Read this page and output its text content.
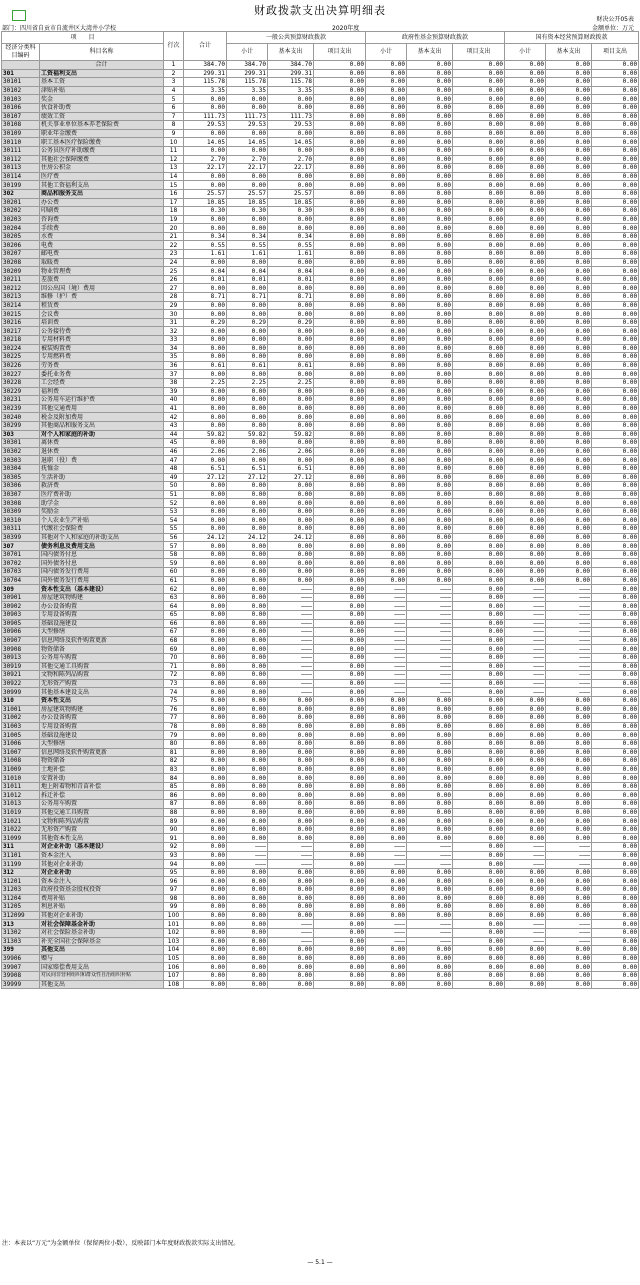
财政拨款支出决算明细表
财决公开05表
部门：四川省自贡市自流井区大湾井小学校	2020年度	金额单位：万元
项　　目		行次	合计	一般公共预算财政拨款			政府性基金预算财政拨款			国有资本经营预算财政拨款		
经济分类科目编码	科目名称											
				小计	基本支出	项目支出	小计	基本支出	项目支出	小计	基本支出	项目支出
	合计	1	384.70	384.70	384.70	0.00	0.00	0.00	0.00	0.00	0.00	0.00
301	工资福利支出	2	299.31	299.31	299.31	0.00	0.00	0.00	0.00	0.00	0.00	0.00
30101	基本工资	3	115.78	115.78	115.78	0.00	0.00	0.00	0.00	0.00	0.00	0.00
30102	津贴补贴	4	3.35	3.35	3.35	0.00	0.00	0.00	0.00	0.00	0.00	0.00
30103	奖金	5	0.00	0.00	0.00	0.00	0.00	0.00	0.00	0.00	0.00	0.00
30106	伙食补助费	6	0.00	0.00	0.00	0.00	0.00	0.00	0.00	0.00	0.00	0.00
30107	绩效工资	7	111.73	111.73	111.73	0.00	0.00	0.00	0.00	0.00	0.00	0.00
30108	机关事业单位基本养老保险费	8	29.53	29.53	29.53	0.00	0.00	0.00	0.00	0.00	0.00	0.00
30109	职业年金缴费	9	0.00	0.00	0.00	0.00	0.00	0.00	0.00	0.00	0.00	0.00
30110	职工基本医疗保险缴费	10	14.05	14.05	14.05	0.00	0.00	0.00	0.00	0.00	0.00	0.00
30111	公务员医疗补助缴费	11	0.00	0.00	0.00	0.00	0.00	0.00	0.00	0.00	0.00	0.00
30112	其他社会保障缴费	12	2.70	2.70	2.70	0.00	0.00	0.00	0.00	0.00	0.00	0.00
30113	住房公积金	13	22.17	22.17	22.17	0.00	0.00	0.00	0.00	0.00	0.00	0.00
30114	医疗费	14	0.00	0.00	0.00	0.00	0.00	0.00	0.00	0.00	0.00	0.00
30199	其他工资福利支出	15	0.00	0.00	0.00	0.00	0.00	0.00	0.00	0.00	0.00	0.00
302	商品和服务支出	16	25.57	25.57	25.57	0.00	0.00	0.00	0.00	0.00	0.00	0.00
30201	办公费	17	10.85	10.85	10.85	0.00	0.00	0.00	0.00	0.00	0.00	0.00
30202	印刷费	18	0.30	0.30	0.30	0.00	0.00	0.00	0.00	0.00	0.00	0.00
30203	咨询费	19	0.00	0.00	0.00	0.00	0.00	0.00	0.00	0.00	0.00	0.00
30204	手续费	20	0.00	0.00	0.00	0.00	0.00	0.00	0.00	0.00	0.00	0.00
30205	水费	21	0.34	0.34	0.34	0.00	0.00	0.00	0.00	0.00	0.00	0.00
30206	电费	22	0.55	0.55	0.55	0.00	0.00	0.00	0.00	0.00	0.00	0.00
30207	邮电费	23	1.61	1.61	1.61	0.00	0.00	0.00	0.00	0.00	0.00	0.00
30208	取暖费	24	0.00	0.00	0.00	0.00	0.00	0.00	0.00	0.00	0.00	0.00
30209	物业管理费	25	0.04	0.04	0.04	0.00	0.00	0.00	0.00	0.00	0.00	0.00
30211	差旅费	26	0.01	0.01	0.01	0.00	0.00	0.00	0.00	0.00	0.00	0.00
30212	因公出国（境）费用	27	0.00	0.00	0.00	0.00	0.00	0.00	0.00	0.00	0.00	0.00
30213	维修（护）费	28	8.71	8.71	8.71	0.00	0.00	0.00	0.00	0.00	0.00	0.00
30214	租赁费	29	0.00	0.00	0.00	0.00	0.00	0.00	0.00	0.00	0.00	0.00
30215	会议费	30	0.00	0.00	0.00	0.00	0.00	0.00	0.00	0.00	0.00	0.00
30216	培训费	31	0.29	0.29	0.29	0.00	0.00	0.00	0.00	0.00	0.00	0.00
30217	公务接待费	32	0.00	0.00	0.00	0.00	0.00	0.00	0.00	0.00	0.00	0.00
30218	专用材料费	33	0.00	0.00	0.00	0.00	0.00	0.00	0.00	0.00	0.00	0.00
30224	被装购置费	34	0.00	0.00	0.00	0.00	0.00	0.00	0.00	0.00	0.00	0.00
30225	专用燃料费	35	0.00	0.00	0.00	0.00	0.00	0.00	0.00	0.00	0.00	0.00
30226	劳务费	36	0.61	0.61	0.61	0.00	0.00	0.00	0.00	0.00	0.00	0.00
30227	委托业务费	37	0.00	0.00	0.00	0.00	0.00	0.00	0.00	0.00	0.00	0.00
30228	工会经费	38	2.25	2.25	2.25	0.00	0.00	0.00	0.00	0.00	0.00	0.00
30229	福利费	39	0.00	0.00	0.00	0.00	0.00	0.00	0.00	0.00	0.00	0.00
30231	公务用车运行维护费	40	0.00	0.00	0.00	0.00	0.00	0.00	0.00	0.00	0.00	0.00
30239	其他交通费用	41	0.00	0.00	0.00	0.00	0.00	0.00	0.00	0.00	0.00	0.00
30240	税金及附加费用	42	0.00	0.00	0.00	0.00	0.00	0.00	0.00	0.00	0.00	0.00
30299	其他商品和服务支出	43	0.00	0.00	0.00	0.00	0.00	0.00	0.00	0.00	0.00	0.00
303	对个人和家庭的补助	44	59.82	59.82	59.82	0.00	0.00	0.00	0.00	0.00	0.00	0.00
30301	离休费	45	0.00	0.00	0.00	0.00	0.00	0.00	0.00	0.00	0.00	0.00
30302	退休费	46	2.06	2.06	2.06	0.00	0.00	0.00	0.00	0.00	0.00	0.00
30303	退职（役）费	47	0.00	0.00	0.00	0.00	0.00	0.00	0.00	0.00	0.00	0.00
30304	抚恤金	48	6.51	6.51	6.51	0.00	0.00	0.00	0.00	0.00	0.00	0.00
30305	生活补助	49	27.12	27.12	27.12	0.00	0.00	0.00	0.00	0.00	0.00	0.00
30306	救济费	50	0.00	0.00	0.00	0.00	0.00	0.00	0.00	0.00	0.00	0.00
30307	医疗费补助	51	0.00	0.00	0.00	0.00	0.00	0.00	0.00	0.00	0.00	0.00
30308	助学金	52	0.00	0.00	0.00	0.00	0.00	0.00	0.00	0.00	0.00	0.00
30309	奖励金	53	0.00	0.00	0.00	0.00	0.00	0.00	0.00	0.00	0.00	0.00
30310	个人农业生产补贴	54	0.00	0.00	0.00	0.00	0.00	0.00	0.00	0.00	0.00	0.00
30311	代缴社会保险费	55	0.00	0.00	0.00	0.00	0.00	0.00	0.00	0.00	0.00	0.00
30399	其他对个人和家庭的补助支出	56	24.12	24.12	24.12	0.00	0.00	0.00	0.00	0.00	0.00	0.00
307	债务利息及费用支出	57	0.00	0.00	0.00	0.00	0.00	0.00	0.00	0.00	0.00	0.00
30701	国内债务付息	58	0.00	0.00	0.00	0.00	0.00	0.00	0.00	0.00	0.00	0.00
30702	国外债务付息	59	0.00	0.00	0.00	0.00	0.00	0.00	0.00	0.00	0.00	0.00
30703	国内债务发行费用	60	0.00	0.00	0.00	0.00	0.00	0.00	0.00	0.00	0.00	0.00
30704	国外债务发行费用	61	0.00	0.00	0.00	0.00	0.00	0.00	0.00	0.00	0.00	0.00
309	资本性支出（基本建设）	62	0.00	0.00	———	0.00	———	———	0.00	———	———	0.00
30901	房屋建筑物购建	63	0.00	0.00	———	0.00	———	———	0.00	———	———	0.00
30902	办公设备购置	64	0.00	0.00	———	0.00	———	———	0.00	———	———	0.00
30903	专用设备购置	65	0.00	0.00	———	0.00	———	———	0.00	———	———	0.00
30905	基础设施建设	66	0.00	0.00	———	0.00	———	———	0.00	———	———	0.00
30906	大型修缮	67	0.00	0.00	———	0.00	———	———	0.00	———	———	0.00
30907	信息网络及软件购置更新	68	0.00	0.00	———	0.00	———	———	0.00	———	———	0.00
30908	物资储备	69	0.00	0.00	———	0.00	———	———	0.00	———	———	0.00
30913	公务用车购置	70	0.00	0.00	———	0.00	———	———	0.00	———	———	0.00
30919	其他交通工具购置	71	0.00	0.00	———	0.00	———	———	0.00	———	———	0.00
30921	文物和陈列品购置	72	0.00	0.00	———	0.00	———	———	0.00	———	———	0.00
30922	无形资产购置	73	0.00	0.00	———	0.00	———	———	0.00	———	———	0.00
30999	其他基本建设支出	74	0.00	0.00	———	0.00	———	———	0.00	———	———	0.00
310	资本性支出	75	0.00	0.00	0.00	0.00	0.00	0.00	0.00	0.00	0.00	0.00
31001	房屋建筑物购建	76	0.00	0.00	0.00	0.00	0.00	0.00	0.00	0.00	0.00	0.00
31002	办公设备购置	77	0.00	0.00	0.00	0.00	0.00	0.00	0.00	0.00	0.00	0.00
31003	专用设备购置	78	0.00	0.00	0.00	0.00	0.00	0.00	0.00	0.00	0.00	0.00
31005	基础设施建设	79	0.00	0.00	0.00	0.00	0.00	0.00	0.00	0.00	0.00	0.00
31006	大型修缮	80	0.00	0.00	0.00	0.00	0.00	0.00	0.00	0.00	0.00	0.00
31007	信息网络及软件购置更新	81	0.00	0.00	0.00	0.00	0.00	0.00	0.00	0.00	0.00	0.00
31008	物资储备	82	0.00	0.00	0.00	0.00	0.00	0.00	0.00	0.00	0.00	0.00
31009	土地补偿	83	0.00	0.00	0.00	0.00	0.00	0.00	0.00	0.00	0.00	0.00
31010	安置补助	84	0.00	0.00	0.00	0.00	0.00	0.00	0.00	0.00	0.00	0.00
31011	地上附着物和青苗补偿	85	0.00	0.00	0.00	0.00	0.00	0.00	0.00	0.00	0.00	0.00
31012	拆迁补偿	86	0.00	0.00	0.00	0.00	0.00	0.00	0.00	0.00	0.00	0.00
31013	公务用车购置	87	0.00	0.00	0.00	0.00	0.00	0.00	0.00	0.00	0.00	0.00
31019	其他交通工具购置	88	0.00	0.00	0.00	0.00	0.00	0.00	0.00	0.00	0.00	0.00
31021	文物和陈列品购置	89	0.00	0.00	0.00	0.00	0.00	0.00	0.00	0.00	0.00	0.00
31022	无形资产购置	90	0.00	0.00	0.00	0.00	0.00	0.00	0.00	0.00	0.00	0.00
31099	其他资本性支出	91	0.00	0.00	0.00	0.00	0.00	0.00	0.00	0.00	0.00	0.00
311	对企业补助（基本建设）	92	0.00	———	———	0.00	———	———	0.00	———	———	0.00
31101	资本金注入	93	0.00	———	———	0.00	———	———	0.00	———	———	0.00
31199	其他对企业补助	94	0.00	———	———	0.00	———	———	0.00	———	———	0.00
312	对企业补助	95	0.00	0.00	0.00	0.00	0.00	0.00	0.00	0.00	0.00	0.00
31201	资本金注入	96	0.00	0.00	0.00	0.00	0.00	0.00	0.00	0.00	0.00	0.00
31203	政府投资基金股权投资	97	0.00	0.00	0.00	0.00	0.00	0.00	0.00	0.00	0.00	0.00
31204	费用补贴	98	0.00	0.00	0.00	0.00	0.00	0.00	0.00	0.00	0.00	0.00
31205	利息补贴	99	0.00	0.00	0.00	0.00	0.00	0.00	0.00	0.00	0.00	0.00
312099	其他对企业补助	100	0.00	0.00	0.00	0.00	0.00	0.00	0.00	0.00	0.00	0.00
313	对社会保障基金补助	101	0.00	0.00	———	0.00	———	———	0.00	———	———	0.00
31302	对社会保险基金补助	102	0.00	0.00	———	0.00	———	———	0.00	———	———	0.00
31303	补充全国社会保障基金	103	0.00	0.00	———	0.00	———	———	0.00	———	———	0.00
399	其他支出	104	0.00	0.00	0.00	0.00	0.00	0.00	0.00	0.00	0.00	0.00
39906	赠与	105	0.00	0.00	0.00	0.00	0.00	0.00	0.00	0.00	0.00	0.00
39907	国家赔偿费用支出	106	0.00	0.00	0.00	0.00	0.00	0.00	0.00	0.00	0.00	0.00
39908	对民间非营利组织和群众性自治组织补贴	107	0.00	0.00	0.00	0.00	0.00	0.00	0.00	0.00	0.00	0.00
39999	其他支出	108	0.00	0.00	0.00	0.00	0.00	0.00	0.00	0.00	0.00	0.00
注：本表以“万元”为金额单位（保留两位小数），反映部门本年度财政拨款实际支出情况。
— 5.1 —
